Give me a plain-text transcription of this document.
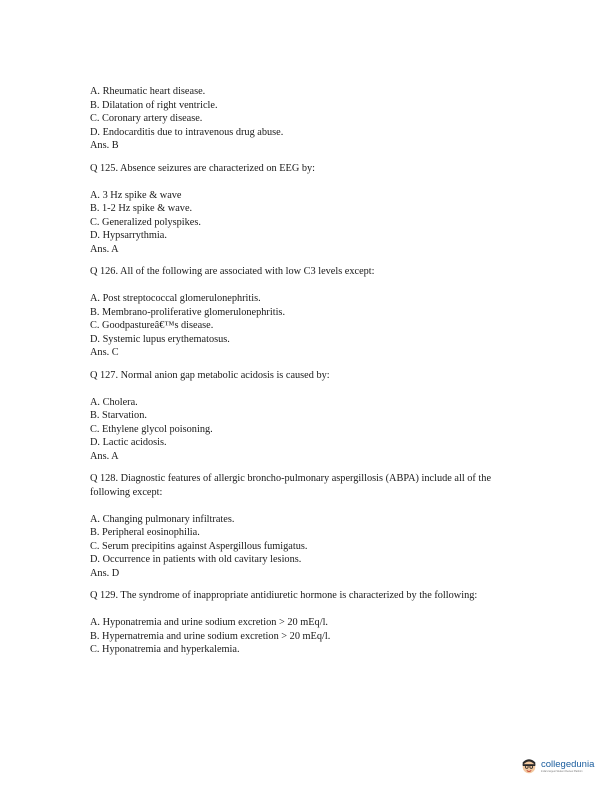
A. Rheumatic heart disease.
B. Dilatation of right ventricle.
C. Coronary artery disease.
D. Endocarditis due to intravenous drug abuse.
Ans. B
Q 125. Absence seizures are characterized on EEG by:
A. 3 Hz spike & wave
B. 1-2 Hz spike & wave.
C. Generalized polyspikes.
D. Hypsarrythmia.
Ans. A
Q 126. All of the following are associated with low C3 levels except:
A. Post streptococcal glomerulonephritis.
B. Membrano-proliferative glomerulonephritis.
C. Goodpastureâ€™s disease.
D. Systemic lupus erythematosus.
Ans. C
Q 127. Normal anion gap metabolic acidosis is caused by:
A. Cholera.
B. Starvation.
C. Ethylene glycol poisoning.
D. Lactic acidosis.
Ans. A
Q 128. Diagnostic features of allergic broncho-pulmonary aspergillosis (ABPA) include all of the following except:
A. Changing pulmonary infiltrates.
B. Peripheral eosinophilia.
C. Serum precipitins against Aspergillous fumigatus.
D. Occurrence in patients with old cavitary lesions.
Ans. D
Q 129. The syndrome of inappropriate antidiuretic hormone is characterized by the following:
A. Hyponatremia and urine sodium excretion > 20 mEq/l.
B. Hypernatremia and urine sodium excretion > 20 mEq/l.
C. Hyponatremia and hyperkalemia.
collegedunia
India's largest Student Review Platform
